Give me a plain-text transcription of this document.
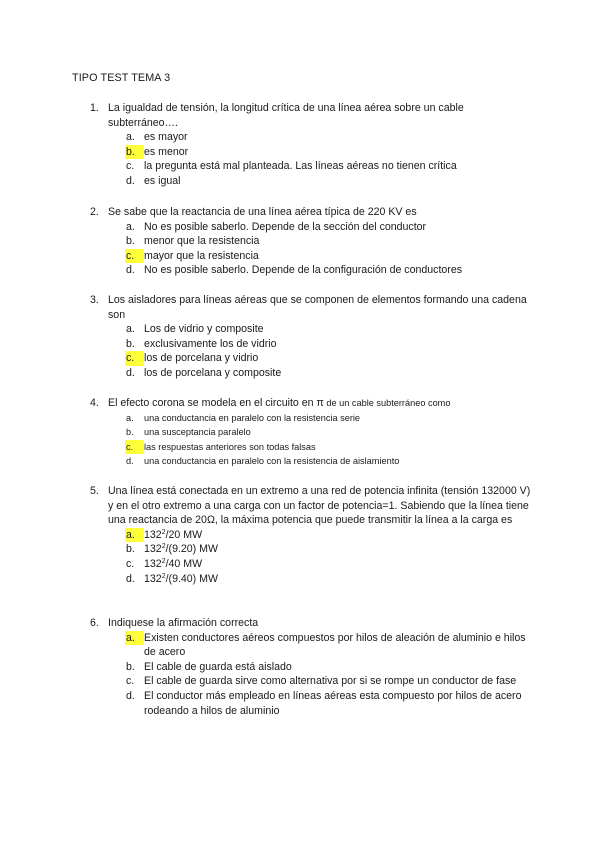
TIPO TEST TEMA 3
1. La igualdad de tensión, la longitud crítica de una línea aérea sobre un cable subterráneo….
a. es mayor
b. es menor
c. la pregunta está mal planteada. Las líneas aéreas no tienen crítica
d. es igual
2. Se sabe que la reactancia de una línea aérea típica de 220 KV es
a. No es posible saberlo. Depende de la sección del conductor
b. menor que la resistencia
c. mayor que la resistencia
d. No es posible saberlo. Depende de la configuración de conductores
3. Los aisladores para líneas aéreas que se componen de elementos formando una cadena son
a. Los de vidrio y composite
b. exclusivamente los de vidrio
c. los de porcelana y vidrio
d. los de porcelana y composite
4. El efecto corona se modela en el circuito en π de un cable subterráneo como
a. una conductancia en paralelo con la resistencia serie
b. una susceptancia paralelo
c.	las respuestas anteriores son todas falsas
d. una conductancia en paralelo con la resistencia de aislamiento
5. Una línea está conectada en un extremo a una red de potencia infinita (tensión 132000 V) y en el otro extremo a una carga con un factor de potencia=1. Sabiendo que la línea tiene una reactancia de 20Ω, la máxima potencia que puede transmitir la línea a la carga es
a. $132^2/20$ MW
b. $132^2/(9.20)$ MW
c. $132^2/40$ MW
d. $132^2/(9.40)$ MW
6. Indiquese la afirmación correcta
a. Existen conductores aéreos compuestos por hilos de aleación de aluminio e hilos de acero
b. El cable de guarda está aislado
c. El cable de guarda sirve como alternativa por si se rompe un conductor de fase
d. El conductor más empleado en líneas aéreas esta compuesto por hilos de acero rodeando a hilos de aluminio
